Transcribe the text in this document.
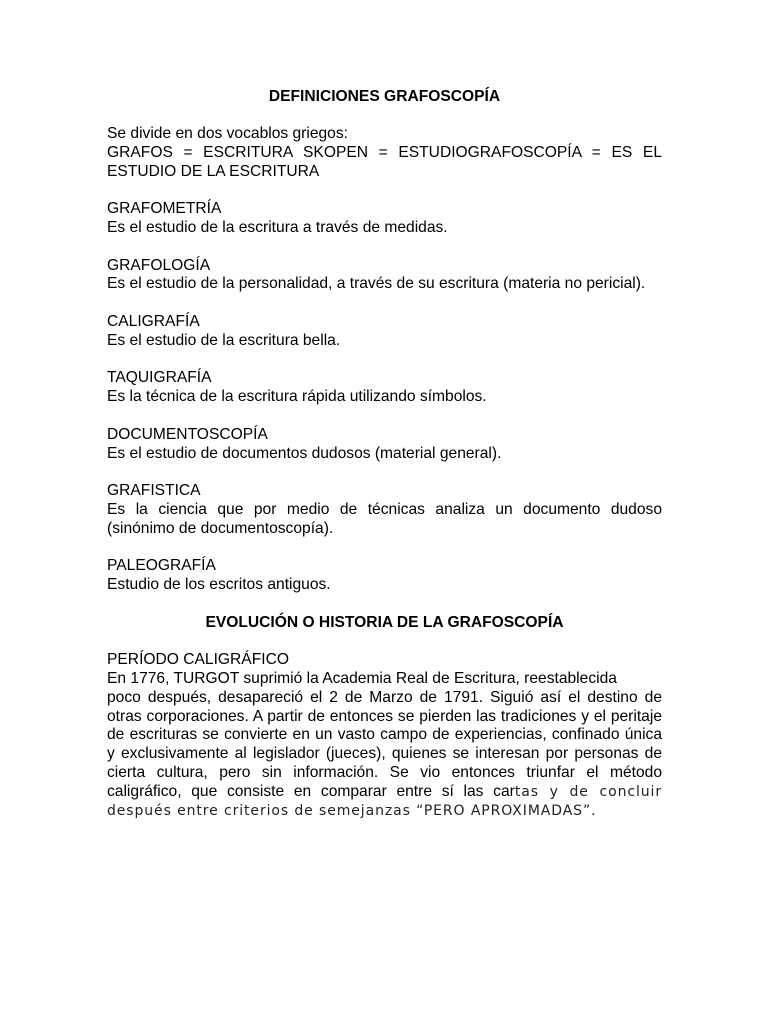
DEFINICIONES GRAFOSCOPÍA

Se divide en dos vocablos griegos:

GRAFOS = ESCRITURA SKOPEN = ESTUDIOGRAFOSCOPÍA = ES EL ESTUDIO DE LA ESCRITURA

GRAFOMETRÍA

Es el estudio de la escritura a través de medidas.

GRAFOLOGÍA

Es el estudio de la personalidad, a través de su escritura (materia no pericial).

CALIGRAFÍA

Es el estudio de la escritura bella.

TAQUIGRAFÍA

Es la técnica de la escritura rápida utilizando símbolos.

DOCUMENTOSCOPÍA

Es el estudio de documentos dudosos (material general).

GRAFISTICA

Es la ciencia que por medio de técnicas analiza un documento dudoso (sinónimo de documentoscopía).

PALEOGRAFÍA

Estudio de los escritos antiguos.

EVOLUCIÓN O HISTORIA DE LA GRAFOSCOPÍA

PERÍODO CALIGRÁFICO

En 1776, TURGOT suprimió la Academia Real de Escritura, reestablecida

poco después, desapareció el 2 de Marzo de 1791. Siguió así el destino de otras corporaciones. A partir de entonces se pierden las tradiciones y el peritaje de escrituras se convierte en un vasto campo de experiencias, confinado única y exclusivamente al legislador (jueces), quienes se interesan por personas de cierta cultura, pero sin información. Se vio entonces triunfar el método caligráfico, que consiste en comparar entre sí las cartas y de concluir después entre criterios de semejanzas “PERO APROXIMADAS”.
